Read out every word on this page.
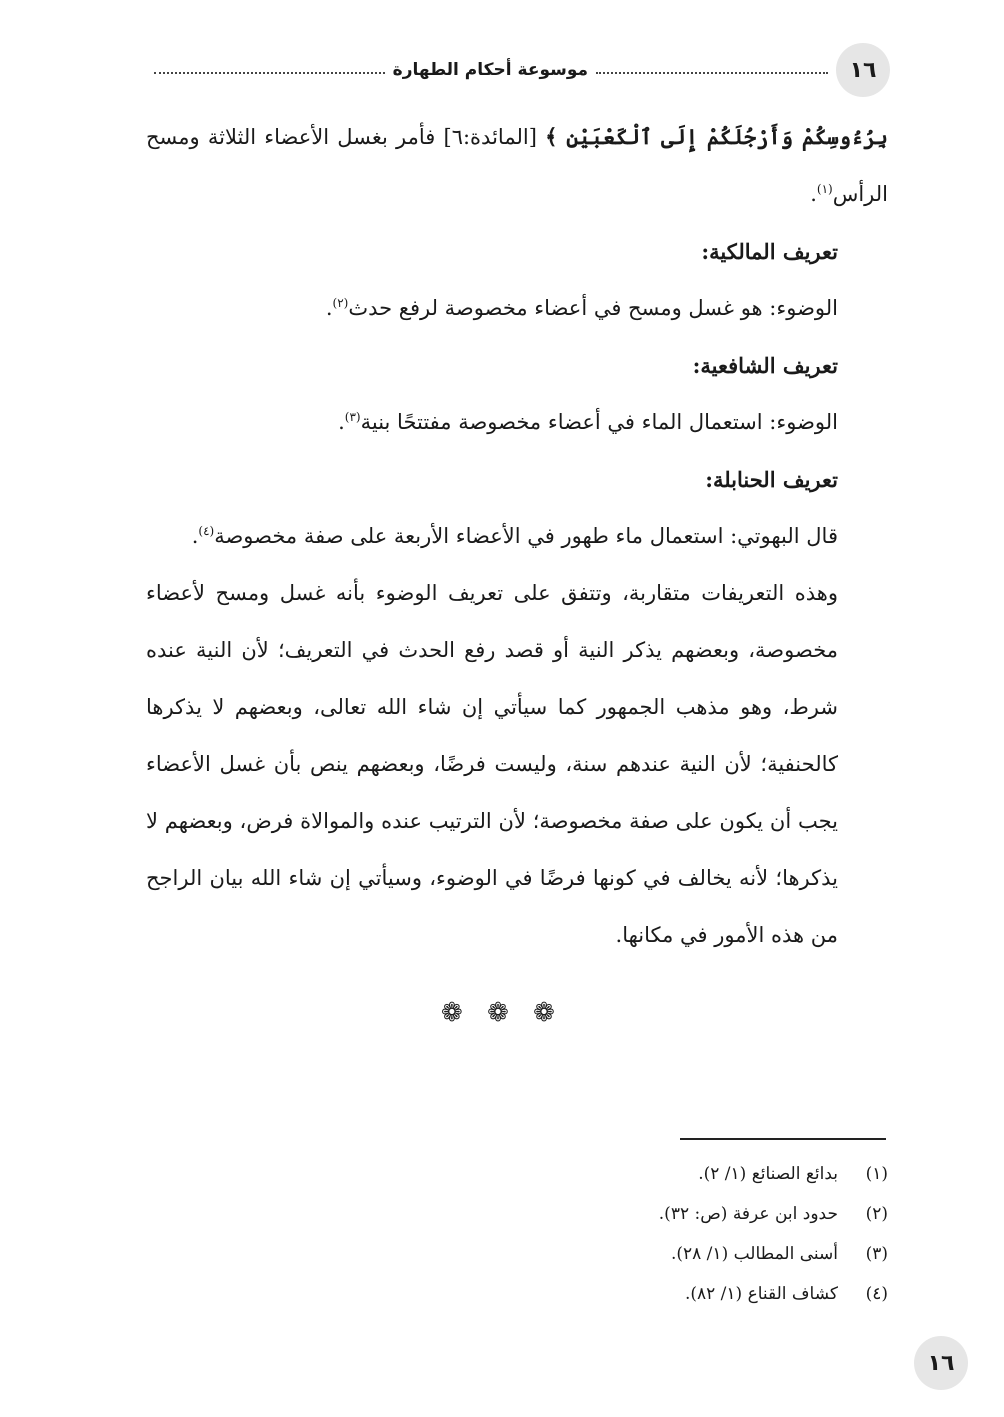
١٦
موسوعة أحكام الطهارة

بِرُءُوسِكُمْ وَأَرْجُلَكُمْ إِلَى ٱلْكَعْبَيْنِ ﴾ [المائدة:٦] فأمر بغسل الأعضاء الثلاثة ومسح الرأس$^{(١)}$.

تعريف المالكية:

الوضوء: هو غسل ومسح في أعضاء مخصوصة لرفع حدث$^{(٢)}$.

تعريف الشافعية:

الوضوء: استعمال الماء في أعضاء مخصوصة مفتتحًا بنية$^{(٣)}$.

تعريف الحنابلة:

قال البهوتي: استعمال ماء طهور في الأعضاء الأربعة على صفة مخصوصة$^{(٤)}$.

وهذه التعريفات متقاربة، وتتفق على تعريف الوضوء بأنه غسل ومسح لأعضاء مخصوصة، وبعضهم يذكر النية أو قصد رفع الحدث في التعريف؛ لأن النية عنده شرط، وهو مذهب الجمهور كما سيأتي إن شاء الله تعالى، وبعضهم لا يذكرها كالحنفية؛ لأن النية عندهم سنة، وليست فرضًا، وبعضهم ينص بأن غسل الأعضاء يجب أن يكون على صفة مخصوصة؛ لأن الترتيب عنده والموالاة فرض، وبعضهم لا يذكرها؛ لأنه يخالف في كونها فرضًا في الوضوء، وسيأتي إن شاء الله بيان الراجح من هذه الأمور في مكانها.

❁ ❁ ❁
(١)
بدائع الصنائع (١/ ٢).
(٢)
حدود ابن عرفة (ص: ٣٢).
(٣)
أسنى المطالب (١/ ٢٨).
(٤)
كشاف القناع (١/ ٨٢).
١٦
